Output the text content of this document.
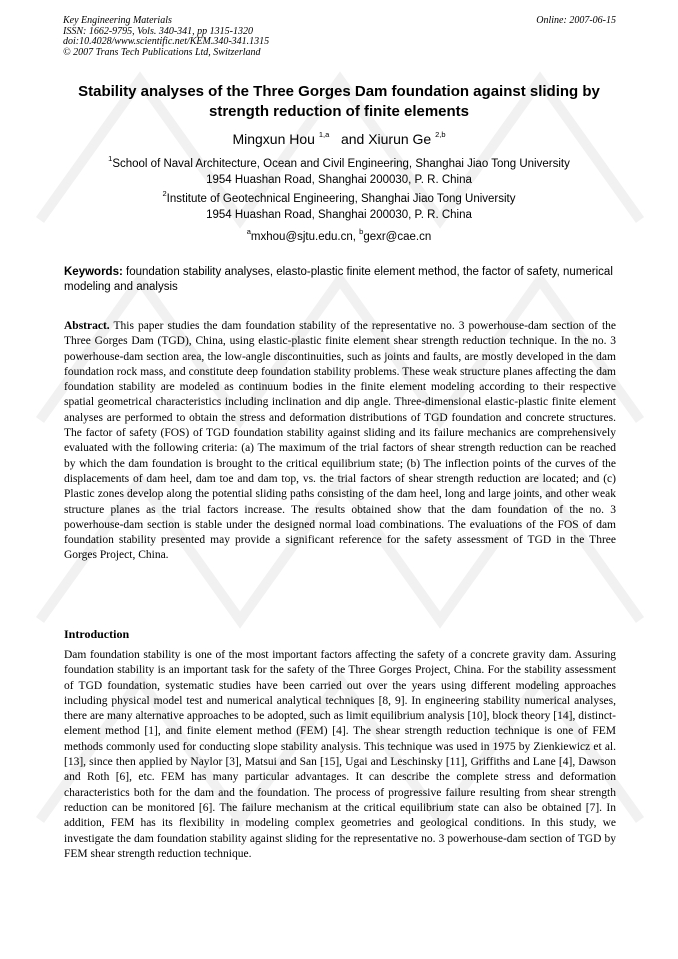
Key Engineering Materials
ISSN: 1662-9795, Vols. 340-341, pp 1315-1320
doi:10.4028/www.scientific.net/KEM.340-341.1315
© 2007 Trans Tech Publications Ltd, Switzerland
Online: 2007-06-15
Stability analyses of the Three Gorges Dam foundation against sliding by strength reduction of finite elements
Mingxun Hou $^{1,a}$ and Xiurun Ge $^{2,b}$
$^1$School of Naval Architecture, Ocean and Civil Engineering, Shanghai Jiao Tong University
1954 Huashan Road, Shanghai 200030, P. R. China
$^2$Institute of Geotechnical Engineering, Shanghai Jiao Tong University
1954 Huashan Road, Shanghai 200030, P. R. China
$^a$mxhou@sjtu.edu.cn, $^b$gexr@cae.cn
Keywords: foundation stability analyses, elasto-plastic finite element method, the factor of safety, numerical modeling and analysis
Abstract. This paper studies the dam foundation stability of the representative no. 3 powerhouse-dam section of the Three Gorges Dam (TGD), China, using elastic-plastic finite element shear strength reduction technique. In the no. 3 powerhouse-dam section area, the low-angle discontinuities, such as joints and faults, are mostly developed in the dam foundation rock mass, and constitute deep foundation stability problems. These weak structure planes affecting the dam foundation stability are modeled as continuum bodies in the finite element modeling according to their respective spatial geometrical characteristics including inclination and dip angle. Three-dimensional elastic-plastic finite element analyses are performed to obtain the stress and deformation distributions of TGD foundation and concrete structures. The factor of safety (FOS) of TGD foundation stability against sliding and its failure mechanics are comprehensively evaluated with the following criteria: (a) The maximum of the trial factors of shear strength reduction can be reached by which the dam foundation is brought to the critical equilibrium state; (b) The inflection points of the curves of the displacements of dam heel, dam toe and dam top, vs. the trial factors of shear strength reduction are located; and (c) Plastic zones develop along the potential sliding paths consisting of the dam heel, long and large joints, and other weak structure planes as the trial factors increase. The results obtained show that the dam foundation of the no. 3 powerhouse-dam section is stable under the designed normal load combinations. The evaluations of the FOS of dam foundation stability presented may provide a significant reference for the safety assessment of TGD in the Three Gorges Project, China.
Introduction
Dam foundation stability is one of the most important factors affecting the safety of a concrete gravity dam. Assuring foundation stability is an important task for the safety of the Three Gorges Project, China. For the stability assessment of TGD foundation, systematic studies have been carried out over the years using different modeling approaches including physical model test and numerical analytical techniques [8, 9]. In engineering stability numerical analyses, there are many alternative approaches to be adopted, such as limit equilibrium analysis [10], block theory [14], distinct-element method [1], and finite element method (FEM) [4]. The shear strength reduction technique is one of FEM methods commonly used for conducting slope stability analysis. This technique was used in 1975 by Zienkiewicz et al. [13], since then applied by Naylor [3], Matsui and San [15], Ugai and Leschinsky [11], Griffiths and Lane [4], Dawson and Roth [6], etc. FEM has many particular advantages. It can describe the complete stress and deformation characteristics both for the dam and the foundation. The process of progressive failure resulting from shear strength reduction can be monitored [6]. The failure mechanism at the critical equilibrium state can also be obtained [7]. In addition, FEM has its flexibility in modeling complex geometries and geological conditions. In this study, we investigate the dam foundation stability against sliding for the representative no. 3 powerhouse-dam section of TGD by FEM shear strength reduction technique.
